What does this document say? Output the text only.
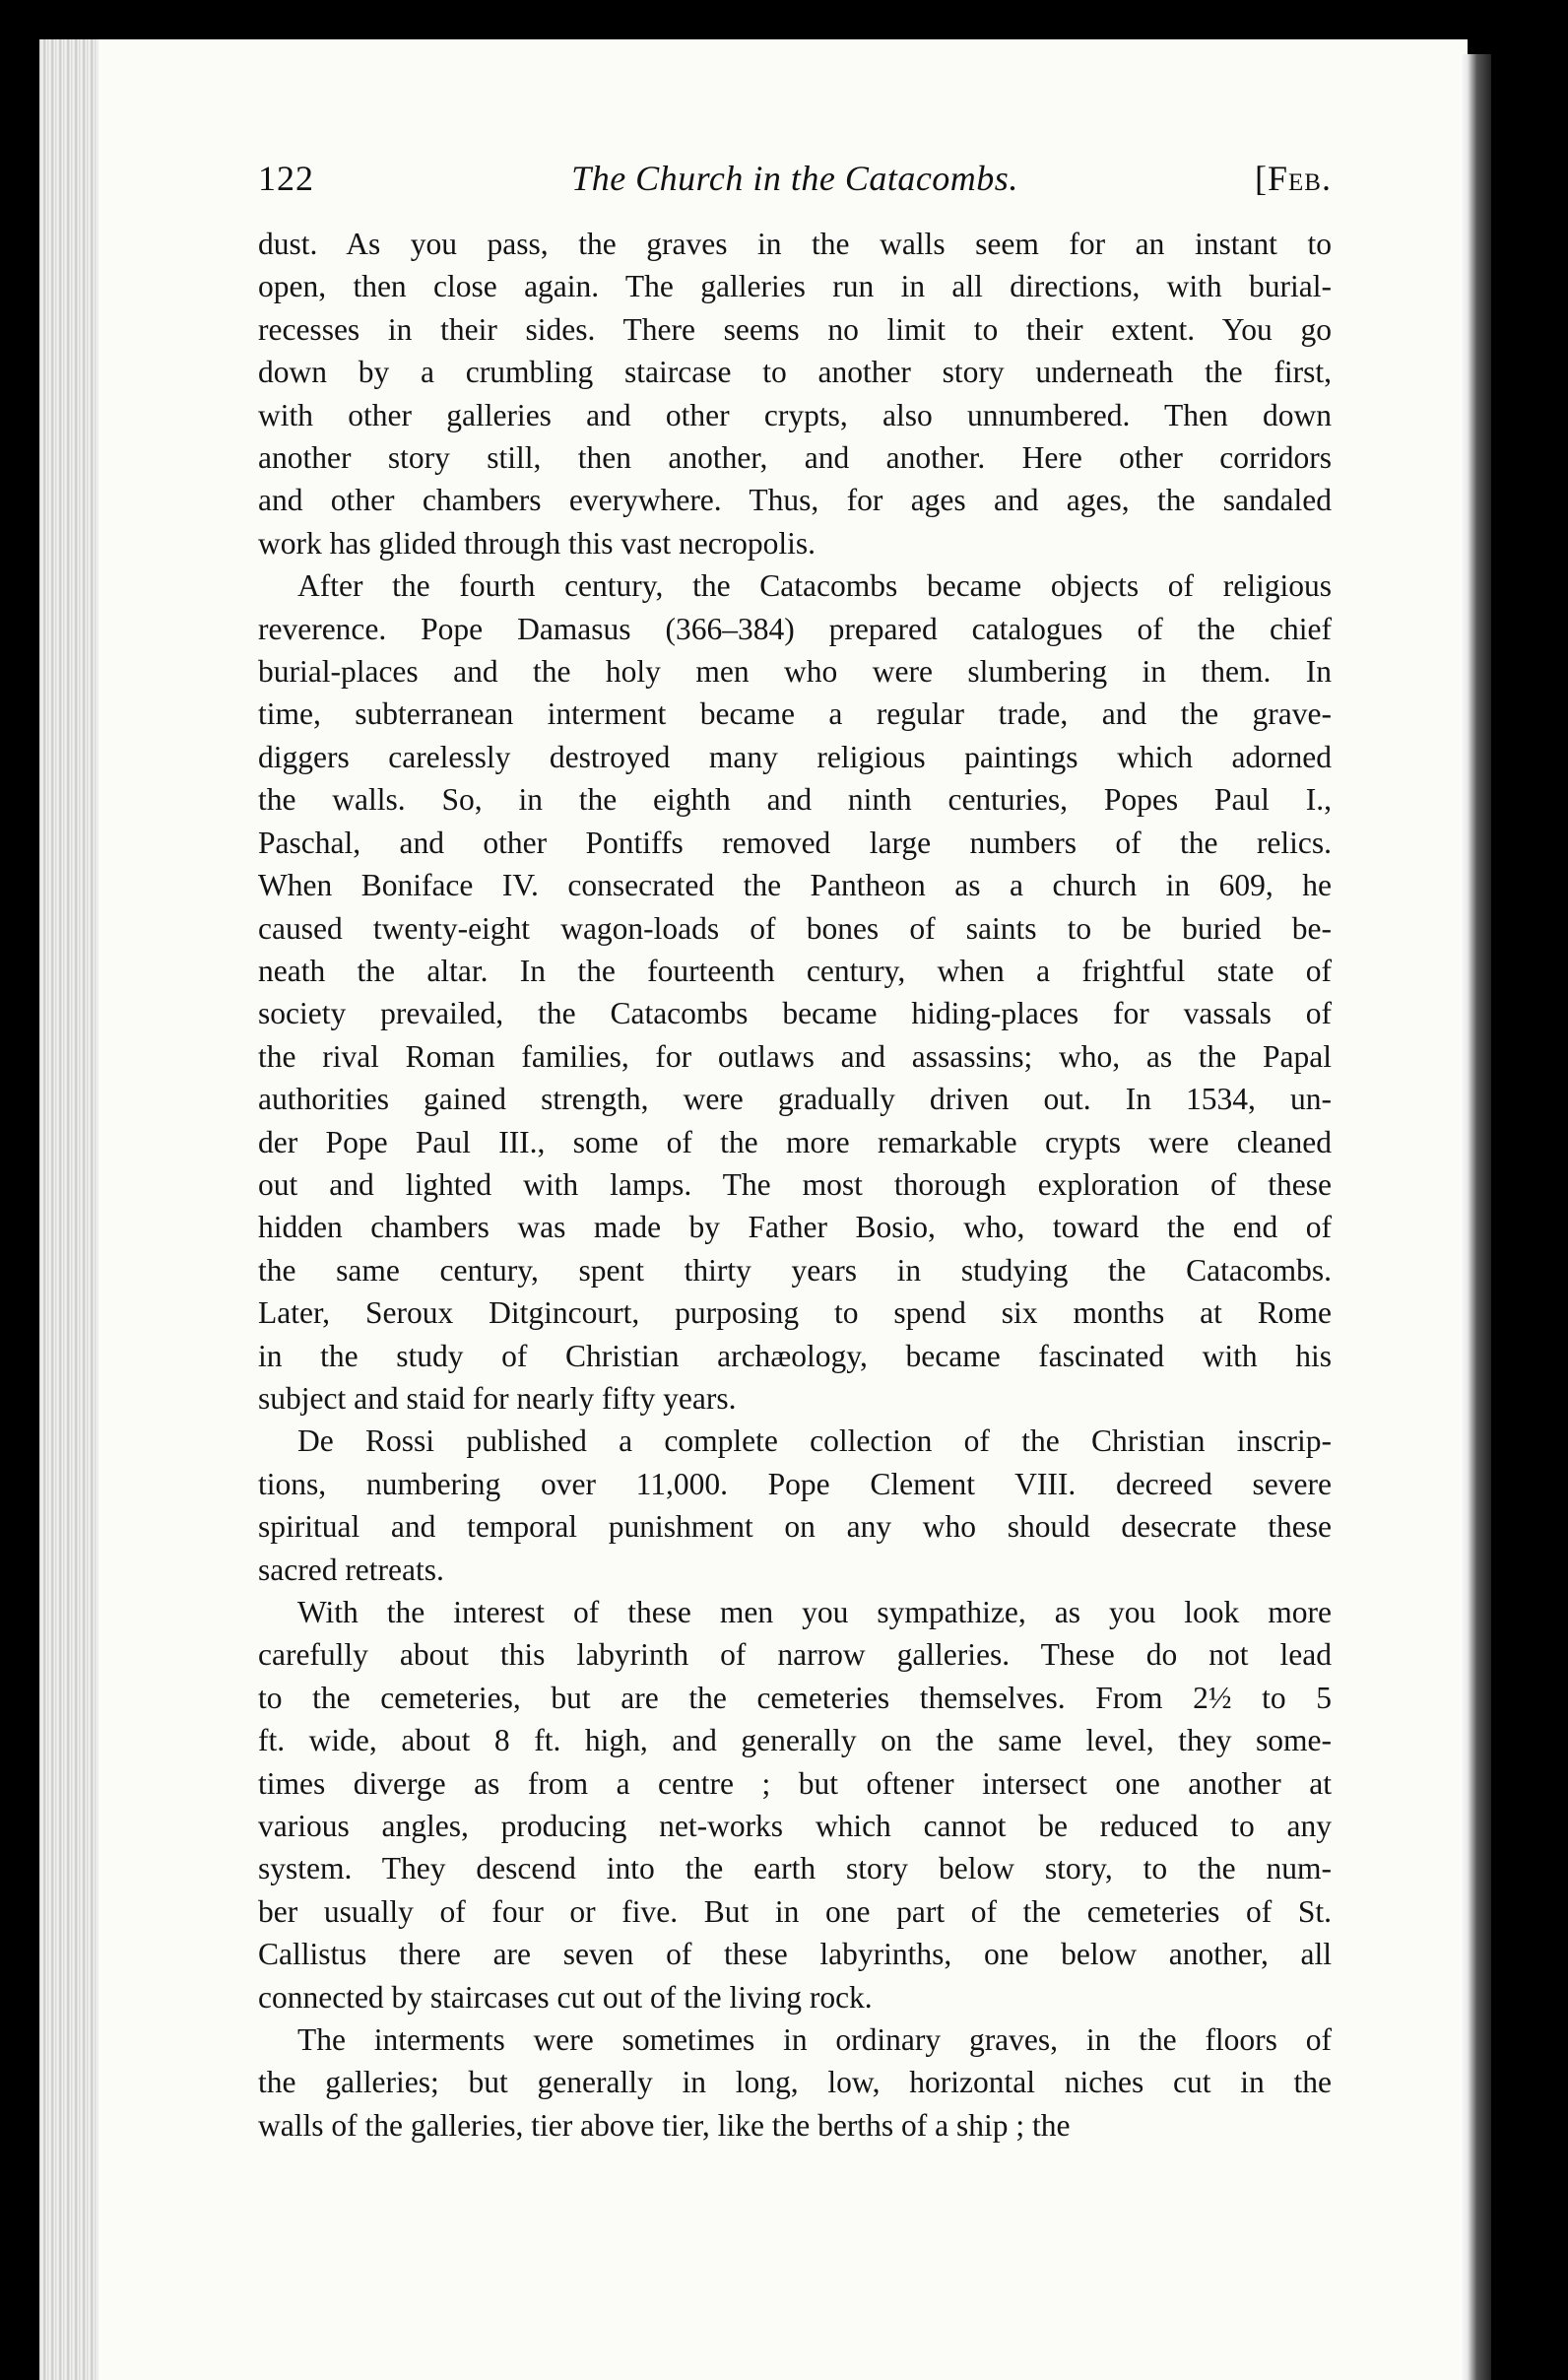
122	The Church in the Catacombs.	[Feb.
dust. As you pass, the graves in the walls seem for an instant to
open, then close again. The galleries run in all directions, with burial-
recesses in their sides. There seems no limit to their extent. You go
down by a crumbling staircase to another story underneath the first,
with other galleries and other crypts, also unnumbered. Then down
another story still, then another, and another. Here other corridors
and other chambers everywhere. Thus, for ages and ages, the sandaled
work has glided through this vast necropolis.
After the fourth century, the Catacombs became objects of religious
reverence. Pope Damasus (366–384) prepared catalogues of the chief
burial-places and the holy men who were slumbering in them. In
time, subterranean interment became a regular trade, and the grave-
diggers carelessly destroyed many religious paintings which adorned
the walls. So, in the eighth and ninth centuries, Popes Paul I.,
Paschal, and other Pontiffs removed large numbers of the relics.
When Boniface IV. consecrated the Pantheon as a church in 609, he
caused twenty-eight wagon-loads of bones of saints to be buried be-
neath the altar. In the fourteenth century, when a frightful state of
society prevailed, the Catacombs became hiding-places for vassals of
the rival Roman families, for outlaws and assassins; who, as the Papal
authorities gained strength, were gradually driven out. In 1534, un-
der Pope Paul III., some of the more remarkable crypts were cleaned
out and lighted with lamps. The most thorough exploration of these
hidden chambers was made by Father Bosio, who, toward the end of
the same century, spent thirty years in studying the Catacombs.
Later, Seroux Ditgincourt, purposing to spend six months at Rome
in the study of Christian archæology, became fascinated with his
subject and staid for nearly fifty years.
De Rossi published a complete collection of the Christian inscrip-
tions, numbering over 11,000. Pope Clement VIII. decreed severe
spiritual and temporal punishment on any who should desecrate these
sacred retreats.
With the interest of these men you sympathize, as you look more
carefully about this labyrinth of narrow galleries. These do not lead
to the cemeteries, but are the cemeteries themselves. From 2½ to 5
ft. wide, about 8 ft. high, and generally on the same level, they some-
times diverge as from a centre ; but oftener intersect one another at
various angles, producing net-works which cannot be reduced to any
system. They descend into the earth story below story, to the num-
ber usually of four or five. But in one part of the cemeteries of St.
Callistus there are seven of these labyrinths, one below another, all
connected by staircases cut out of the living rock.
The interments were sometimes in ordinary graves, in the floors of
the galleries; but generally in long, low, horizontal niches cut in the
walls of the galleries, tier above tier, like the berths of a ship ; the
